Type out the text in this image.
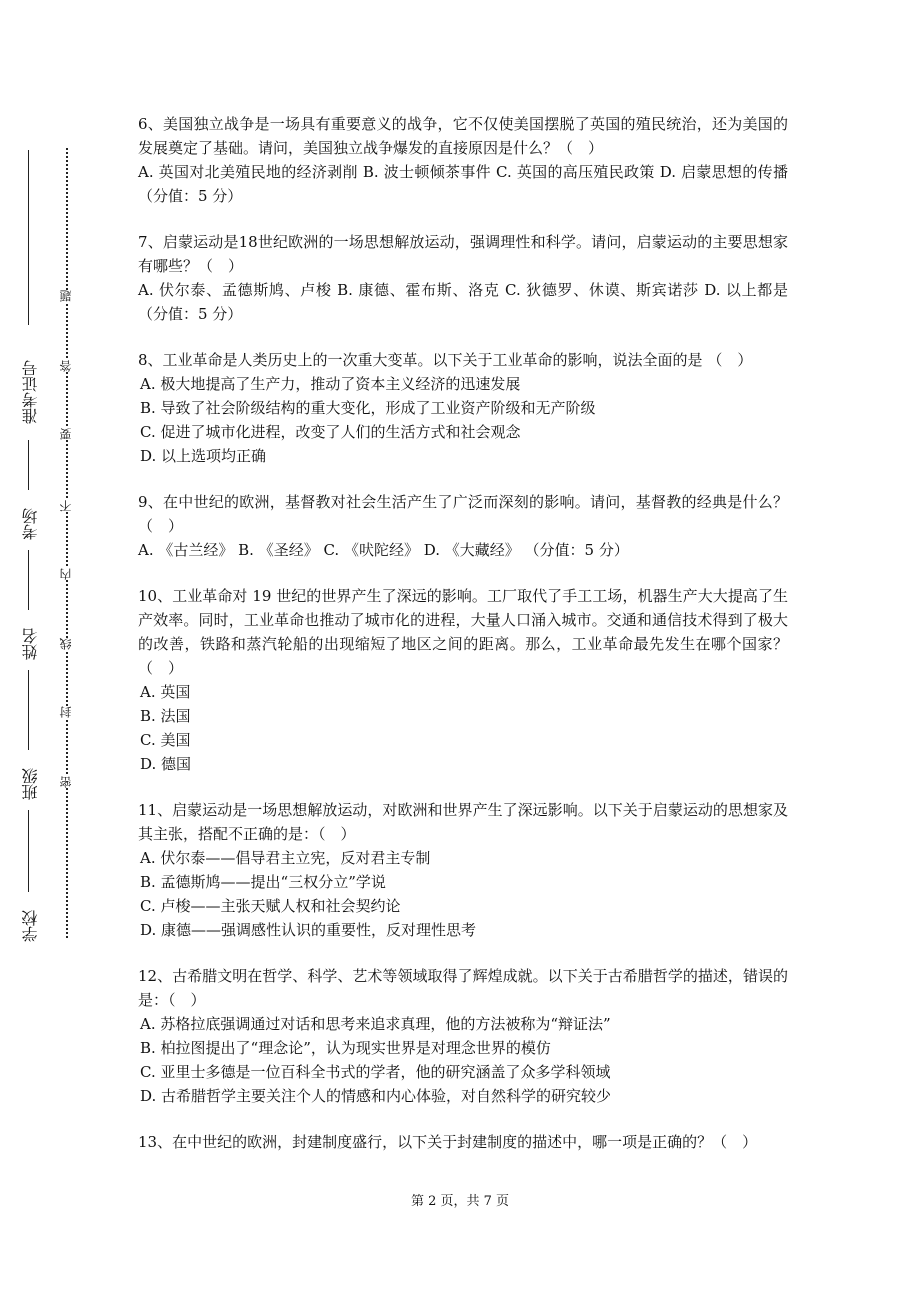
准考证号
考场
姓名
班级
学校
题
答
要
不
内
线
封
密

6、美国独立战争是一场具有重要意义的战争，它不仅使美国摆脱了英国的殖民统治，还为美国的发展奠定了基础。请问，美国独立战争爆发的直接原因是什么？（　）

A. 英国对北美殖民地的经济剥削 B. 波士顿倾茶事件 C. 英国的高压殖民政策 D. 启蒙思想的传播 （分值：5 分）

7、启蒙运动是18世纪欧洲的一场思想解放运动，强调理性和科学。请问，启蒙运动的主要思想家有哪些？（　）

A. 伏尔泰、孟德斯鸠、卢梭 B. 康德、霍布斯、洛克 C. 狄德罗、休谟、斯宾诺莎 D. 以上都是 （分值：5 分）

8、工业革命是人类历史上的一次重大变革。以下关于工业革命的影响，说法全面的是 （　）

A. 极大地提高了生产力，推动了资本主义经济的迅速发展

B. 导致了社会阶级结构的重大变化，形成了工业资产阶级和无产阶级

C. 促进了城市化进程，改变了人们的生活方式和社会观念

D. 以上选项均正确

9、在中世纪的欧洲，基督教对社会生活产生了广泛而深刻的影响。请问，基督教的经典是什么？（　）

A. 《古兰经》 B. 《圣经》 C. 《吠陀经》 D. 《大藏经》 （分值：5 分）

10、工业革命对 19 世纪的世界产生了深远的影响。工厂取代了手工工场，机器生产大大提高了生产效率。同时，工业革命也推动了城市化的进程，大量人口涌入城市。交通和通信技术得到了极大的改善，铁路和蒸汽轮船的出现缩短了地区之间的距离。那么，工业革命最先发生在哪个国家？（　）

A. 英国

B. 法国

C. 美国

D. 德国

11、启蒙运动是一场思想解放运动，对欧洲和世界产生了深远影响。以下关于启蒙运动的思想家及其主张，搭配不正确的是：（　）

A. 伏尔泰——倡导君主立宪，反对君主专制

B. 孟德斯鸠——提出“三权分立”学说

C. 卢梭——主张天赋人权和社会契约论

D. 康德——强调感性认识的重要性，反对理性思考

12、古希腊文明在哲学、科学、艺术等领域取得了辉煌成就。以下关于古希腊哲学的描述，错误的是：（　）

A. 苏格拉底强调通过对话和思考来追求真理，他的方法被称为“辩证法”

B. 柏拉图提出了“理念论”，认为现实世界是对理念世界的模仿

C. 亚里士多德是一位百科全书式的学者，他的研究涵盖了众多学科领域

D. 古希腊哲学主要关注个人的情感和内心体验，对自然科学的研究较少

13、在中世纪的欧洲，封建制度盛行，以下关于封建制度的描述中，哪一项是正确的？（　）

第 2 页，共 7 页
